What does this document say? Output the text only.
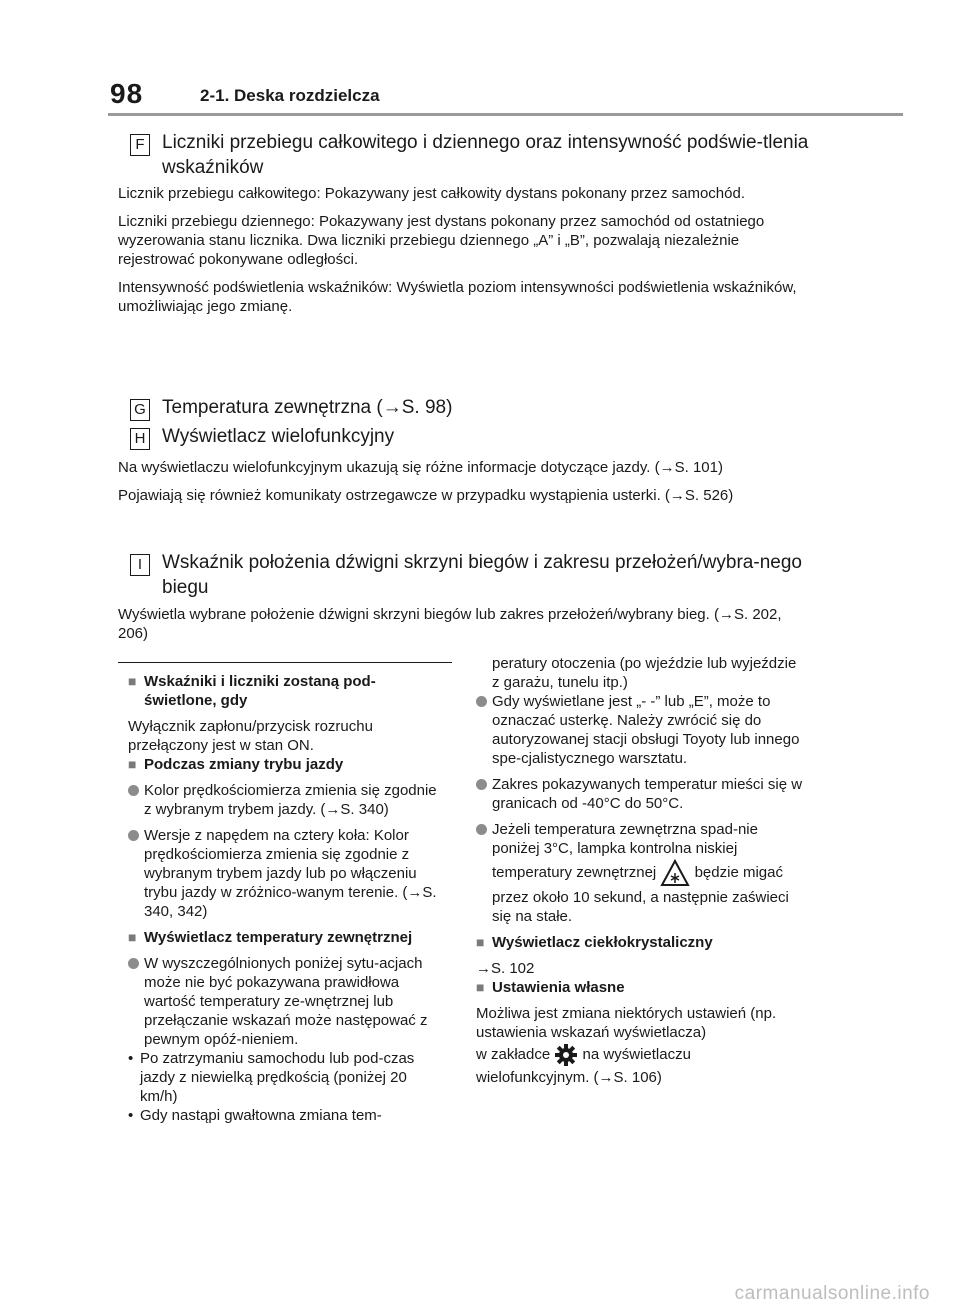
98	2-1. Deska rozdzielcza
F Liczniki przebiegu całkowitego i dziennego oraz intensywność podświe-tlenia wskaźników

Licznik przebiegu całkowitego: Pokazywany jest całkowity dystans pokonany przez samochód.

Liczniki przebiegu dziennego: Pokazywany jest dystans pokonany przez samochód od ostatniego wyzerowania stanu licznika. Dwa liczniki przebiegu dziennego „A” i „B”, pozwalają niezależnie rejestrować pokonywane odległości.

Intensywność podświetlenia wskaźników: Wyświetla poziom intensywności podświetlenia wskaźników, umożliwiając jego zmianę.

G Temperatura zewnętrzna (→S. 98)
H Wyświetlacz wielofunkcyjny

Na wyświetlaczu wielofunkcyjnym ukazują się różne informacje dotyczące jazdy. (→S. 101)

Pojawiają się również komunikaty ostrzegawcze w przypadku wystąpienia usterki. (→S. 526)

I	Wskaźnik położenia dźwigni skrzyni biegów i zakresu przełożeń/wybra-nego biegu

Wyświetla wybrane położenie dźwigni skrzyni biegów lub zakres przełożeń/wybrany bieg. (→S. 202, 206)

■ Wskaźniki i liczniki zostaną pod-świetlone, gdy

Wyłącznik zapłonu/przycisk rozruchu przełączony jest w stan ON.

■ Podczas zmiany trybu jazdy
Kolor prędkościomierza zmienia się zgodnie z wybranym trybem jazdy. (→S. 340)
Wersje z napędem na cztery koła: Kolor prędkościomierza zmienia się zgodnie z wybranym trybem jazdy lub po włączeniu trybu jazdy w zróżnico-wanym terenie. (→S. 340, 342)
■ Wyświetlacz temperatury zewnętrznej
W wyszczególnionych poniżej sytu-acjach może nie być pokazywana prawidłowa wartość temperatury ze-wnętrznej lub przełączanie wskazań może następować z pewnym opóź-nieniem.
• Po zatrzymaniu samochodu lub pod-czas jazdy z niewielką prędkością (poniżej 20 km/h)
• Gdy nastąpi gwałtowna zmiana tem-

peratury otoczenia (po wjeździe lub wyjeździe z garażu, tunelu itp.)

Gdy wyświetlane jest „- -” lub „E”, może to oznaczać usterkę. Należy zwrócić się do autoryzowanej stacji obsługi Toyoty lub innego spe-cjalistycznego warsztatu.
Zakres pokazywanych temperatur mieści się w granicach od -40°C do 50°C.
Jeżeli temperatura zewnętrzna spad-nie poniżej 3°C, lampka kontrolna niskiej temperatury zewnętrznej	będzie migać przez około 10 sekund, a następnie zaświeci się na stałe.
■ Wyświetlacz ciekłokrystaliczny

→S. 102

■ Ustawienia własne

Możliwa jest zmiana niektórych ustawień (np. ustawienia wskazań wyświetlacza)

w zakładce na wyświetlaczu

wielofunkcyjnym. (→S. 106)

carmanualsonline.info
